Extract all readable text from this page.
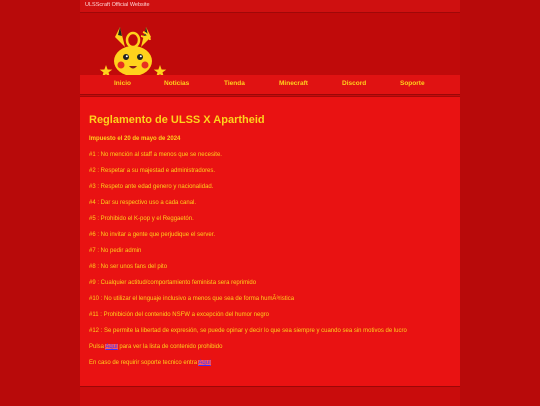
ULSScraft Official Website
Inicio	Noticias	Tienda	Minecraft	Discord	Soporte
Reglamento de ULSS X Apartheid
Impuesto el 20 de mayo de 2024
#1 : No mención al staff a menos que se necesite.
#2 : Respetar a su majestad e administradores.
#3 : Respeto ante edad genero y nacionalidad.
#4 : Dar su respectivo uso a cada canal.
#5 : Prohibido el K-pop y el Reggaetón.
#6 : No invitar a gente que perjudique el server.
#7 : No pedir admin
#8 : No ser unos fans del pito
#9 : Cualquier actitud/comportamiento feminista sera reprimido
#10 : No utilizar el lenguaje inclusivo a menos que sea de forma humÃ³ristica
#11 : Prohibición del contenido NSFW a excepción del humor negro
#12 : Se permite la libertad de expresión, se puede opinar y decir lo que sea siempre y cuando sea sin motivos de lucro
Pulsa Aquí para ver la lista de contenido prohibido
En caso de requirir soporte tecnico entra Aquí
